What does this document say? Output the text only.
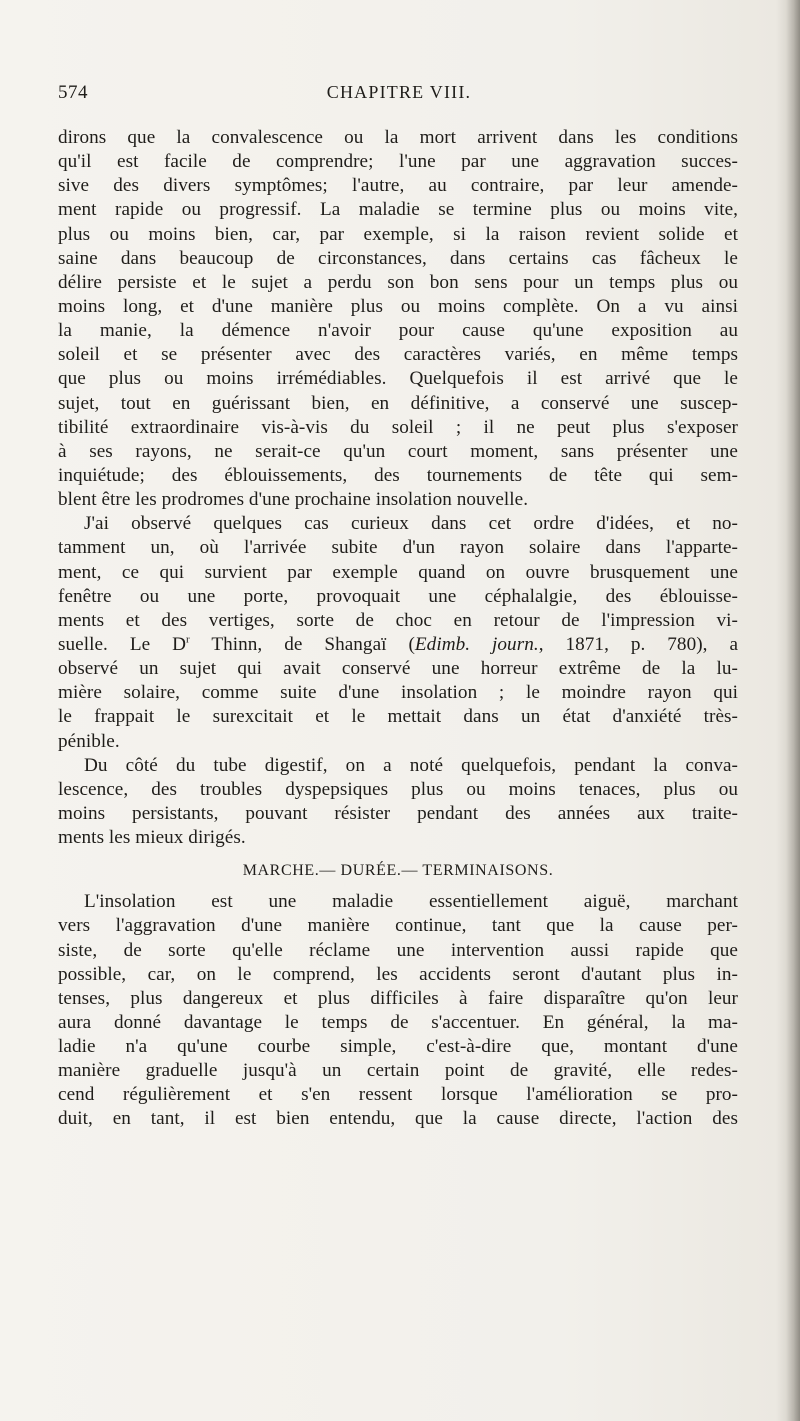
574	CHAPITRE VIII.
dirons que la convalescence ou la mort arrivent dans les conditions
qu'il est facile de comprendre; l'une par une aggravation succes-
sive des divers symptômes; l'autre, au contraire, par leur amende-
ment rapide ou progressif. La maladie se termine plus ou moins vite,
plus ou moins bien, car, par exemple, si la raison revient solide et
saine dans beaucoup de circonstances, dans certains cas fâcheux le
délire persiste et le sujet a perdu son bon sens pour un temps plus ou
moins long, et d'une manière plus ou moins complète. On a vu ainsi
la manie, la démence n'avoir pour cause qu'une exposition au
soleil et se présenter avec des caractères variés, en même temps
que plus ou moins irrémédiables. Quelquefois il est arrivé que le
sujet, tout en guérissant bien, en définitive, a conservé une suscep-
tibilité extraordinaire vis-à-vis du soleil ; il ne peut plus s'exposer
à ses rayons, ne serait-ce qu'un court moment, sans présenter une
inquiétude; des éblouissements, des tournements de tête qui sem-
blent être les prodromes d'une prochaine insolation nouvelle.
J'ai observé quelques cas curieux dans cet ordre d'idées, et no-
tamment un, où l'arrivée subite d'un rayon solaire dans l'apparte-
ment, ce qui survient par exemple quand on ouvre brusquement une
fenêtre ou une porte, provoquait une céphalalgie, des éblouisse-
ments et des vertiges, sorte de choc en retour de l'impression vi-
suelle. Le $D^r$ Thinn, de Shangaï (Edimb. journ., 1871, p. 780), a
observé un sujet qui avait conservé une horreur extrême de la lu-
mière solaire, comme suite d'une insolation ; le moindre rayon qui
le frappait le surexcitait et le mettait dans un état d'anxiété très-
pénible.
Du côté du tube digestif, on a noté quelquefois, pendant la conva-
lescence, des troubles dyspepsiques plus ou moins tenaces, plus ou
moins persistants, pouvant résister pendant des années aux traite-
ments les mieux dirigés.
MARCHE.— DURÉE.— TERMINAISONS.
L'insolation est une maladie essentiellement aiguë, marchant
vers l'aggravation d'une manière continue, tant que la cause per-
siste, de sorte qu'elle réclame une intervention aussi rapide que
possible, car, on le comprend, les accidents seront d'autant plus in-
tenses, plus dangereux et plus difficiles à faire disparaître qu'on leur
aura donné davantage le temps de s'accentuer. En général, la ma-
ladie n'a qu'une courbe simple, c'est-à-dire que, montant d'une
manière graduelle jusqu'à un certain point de gravité, elle redes-
cend régulièrement et s'en ressent lorsque l'amélioration se pro-
duit, en tant, il est bien entendu, que la cause directe, l'action des
